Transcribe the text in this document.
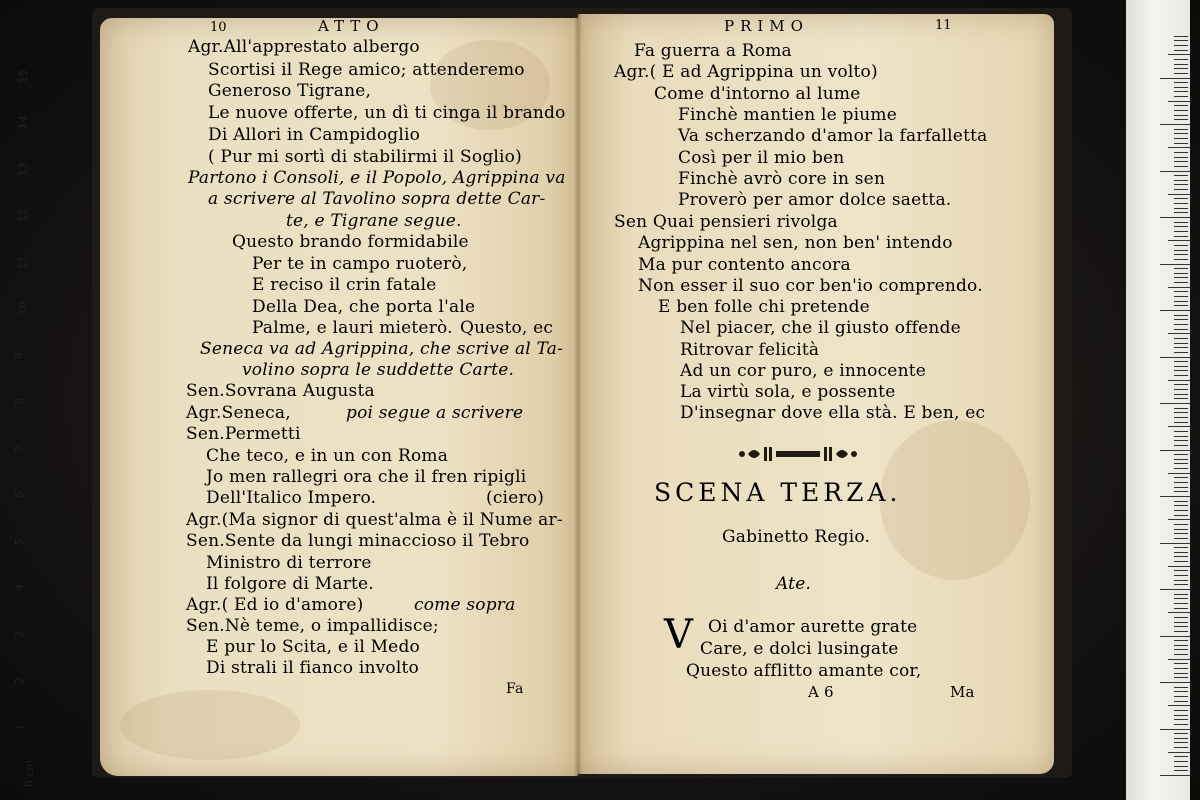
10	ATTO
Agr.All'apprestato albergo
Scortisi il Rege amico; attenderemo
Generoso Tigrane,
Le nuove offerte, un dì ti cinga il brando
Di Allori in Campidoglio
( Pur mi sortì di stabilirmi il Soglio)
Partono i Consoli, e il Popolo, Agrippina va
a scrivere al Tavolino sopra dette Car-
te, e Tigrane segue.
Questo brando formidabile
Per te in campo ruoterò,
E reciso il crin fatale
Della Dea, che porta l'ale
Palme, e lauri mieterò. Questo, ec
Seneca va ad Agrippina, che scrive al Ta-
volino sopra le suddette Carte.
Sen.Sovrana Augusta
Agr.Seneca,	poi segue a scrivere
Sen.Permetti
Che teco, e in un con Roma
Jo men rallegri ora che il fren ripigli
Dell'Italico Impero.	(ciero)
Agr.(Ma signor di quest'alma è il Nume ar-
Sen.Sente da lungi minaccioso il Tebro
Ministro di terrore
Il folgore di Marte.
Agr.( Ed io d'amore)	come sopra
Sen.Nè teme, o impallidisce;
E pur lo Scita, e il Medo
Di strali il fianco involto
Fa
PRIMO	11
Fa guerra a Roma
Agr.( E ad Agrippina un volto)
Come d'intorno al lume
Finchè mantien le piume
Va scherzando d'amor la farfalletta
Così per il mio ben
Finchè avrò core in sen
Proverò per amor dolce saetta.
Sen Quai pensieri rivolga
Agrippina nel sen, non ben' intendo
Ma pur contento ancora
Non esser il suo cor ben'io comprendo.
E ben folle chi pretende
Nel piacer, che il giusto offende
Ritrovar felicità
Ad un cor puro, e innocente
La virtù sola, e possente
D'insegnar dove ella stà. E ben, ec
SCENA TERZA.
Gabinetto Regio.
Ate.
V Oi d'amor aurette grate
Care, e dolci lusingate
Questo afflitto amante cor,
A 6	Ma
0 cm
1
2
3
4
5
6
7
8
9
10
11
12
13
14
15
